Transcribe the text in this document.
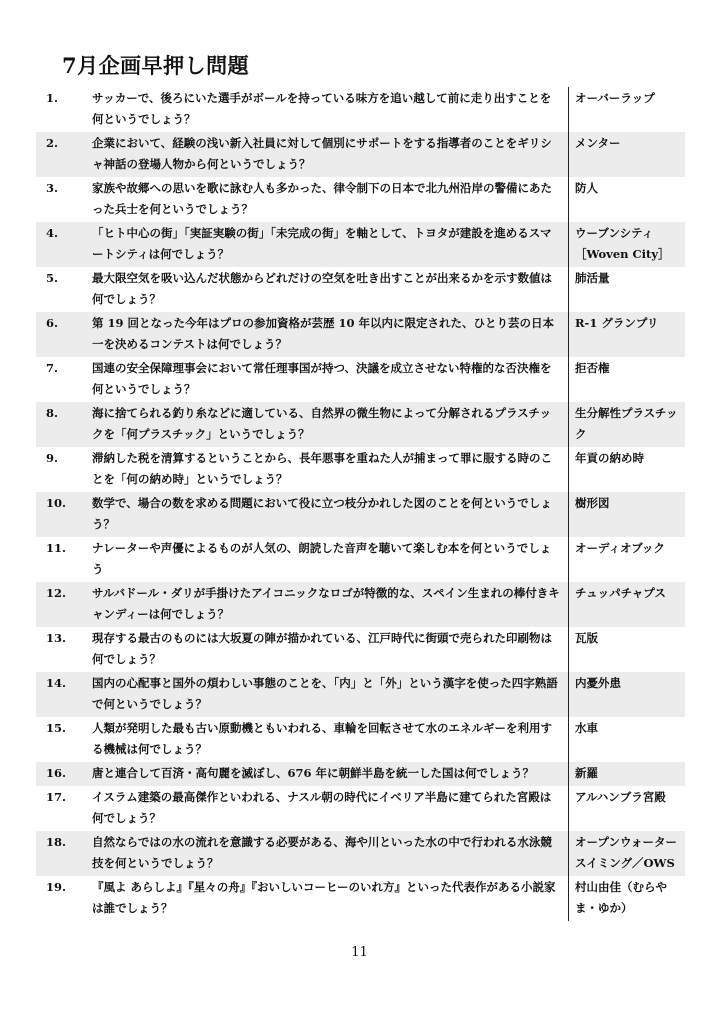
7月企画早押し問題
1.	サッカーで、後ろにいた選手がボールを持っている味方を追い越して前に走り出すことを何というでしょう？	オーバーラップ
2.	企業において、経験の浅い新入社員に対して個別にサポートをする指導者のことをギリシャ神話の登場人物から何というでしょう？	メンター
3.	家族や故郷への思いを歌に詠む人も多かった、律令制下の日本で北九州沿岸の警備にあたった兵士を何というでしょう？	防人
4.	「ヒト中心の街」「実証実験の街」「未完成の街」を軸として、トヨタが建設を進めるスマートシティは何でしょう？	ウーブンシティ［Woven City］
5.	最大限空気を吸い込んだ状態からどれだけの空気を吐き出すことが出来るかを示す数値は何でしょう？	肺活量
6.	第 19 回となった今年はプロの参加資格が芸歴 10 年以内に限定された、ひとり芸の日本一を決めるコンテストは何でしょう？	R-1 グランプリ
7.	国連の安全保障理事会において常任理事国が持つ、決議を成立させない特権的な否決権を何というでしょう？	拒否権
8.	海に捨てられる釣り糸などに適している、自然界の微生物によって分解されるプラスチックを「何プラスチック」というでしょう？	生分解性プラスチック
9.	滞納した税を清算するということから、長年悪事を重ねた人が捕まって罪に服する時のことを「何の納め時」というでしょう？	年貢の納め時
10.	数学で、場合の数を求める問題において役に立つ枝分かれした図のことを何というでしょう？	樹形図
11.	ナレーターや声優によるものが人気の、朗読した音声を聴いて楽しむ本を何というでしょう	オーディオブック
12.	サルバドール・ダリが手掛けたアイコニックなロゴが特徴的な、スペイン生まれの棒付きキャンディーは何でしょう？	チュッパチャプス
13.	現存する最古のものには大坂夏の陣が描かれている、江戸時代に街頭で売られた印刷物は何でしょう？	瓦版
14.	国内の心配事と国外の煩わしい事態のことを、「内」と「外」という漢字を使った四字熟語で何というでしょう？	内憂外患
15.	人類が発明した最も古い原動機ともいわれる、車輪を回転させて水のエネルギーを利用する機械は何でしょう？	水車
16.	唐と連合して百済・高句麗を滅ぼし、676 年に朝鮮半島を統一した国は何でしょう？	新羅
17.	イスラム建築の最高傑作といわれる、ナスル朝の時代にイベリア半島に建てられた宮殿は何でしょう？	アルハンブラ宮殿
18.	自然ならではの水の流れを意識する必要がある、海や川といった水の中で行われる水泳競技を何というでしょう？	オープンウォータースイミング／OWS
19.	『風よ あらしよ』『星々の舟』『おいしいコーヒーのいれ方』といった代表作がある小説家は誰でしょう？	村山由佳（むらやま・ゆか）
11
